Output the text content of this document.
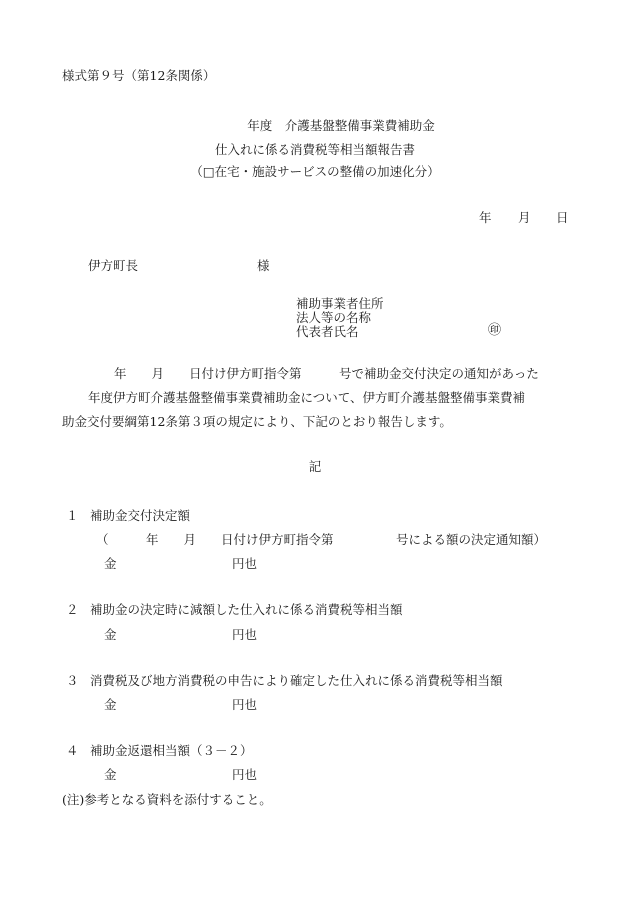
様式第９号（第12条関係）
年度　介護基盤整備事業費補助金
仕入れに係る消費税等相当額報告書
（□在宅・施設サービスの整備の加速化分）
年 月 日
伊方町長	様
補助事業者住所
法人等の名称
代表者氏名	㊞
年　　月　　日付け伊方町指令第　　　号で補助金交付決定の通知があった
年度伊方町介護基盤整備事業費補助金について、伊方町介護基盤整備事業費補
助金交付要綱第12条第３項の規定により、下記のとおり報告します。
記
１ 補助金交付決定額
（　　　年　　月　　日付け伊方町指令第　　　　　号による額の決定通知額）
金	円也
２ 補助金の決定時に減額した仕入れに係る消費税等相当額
金	円也
３ 消費税及び地方消費税の申告により確定した仕入れに係る消費税等相当額
金	円也
４ 補助金返還相当額（３－２）
金	円也
(注)参考となる資料を添付すること。
